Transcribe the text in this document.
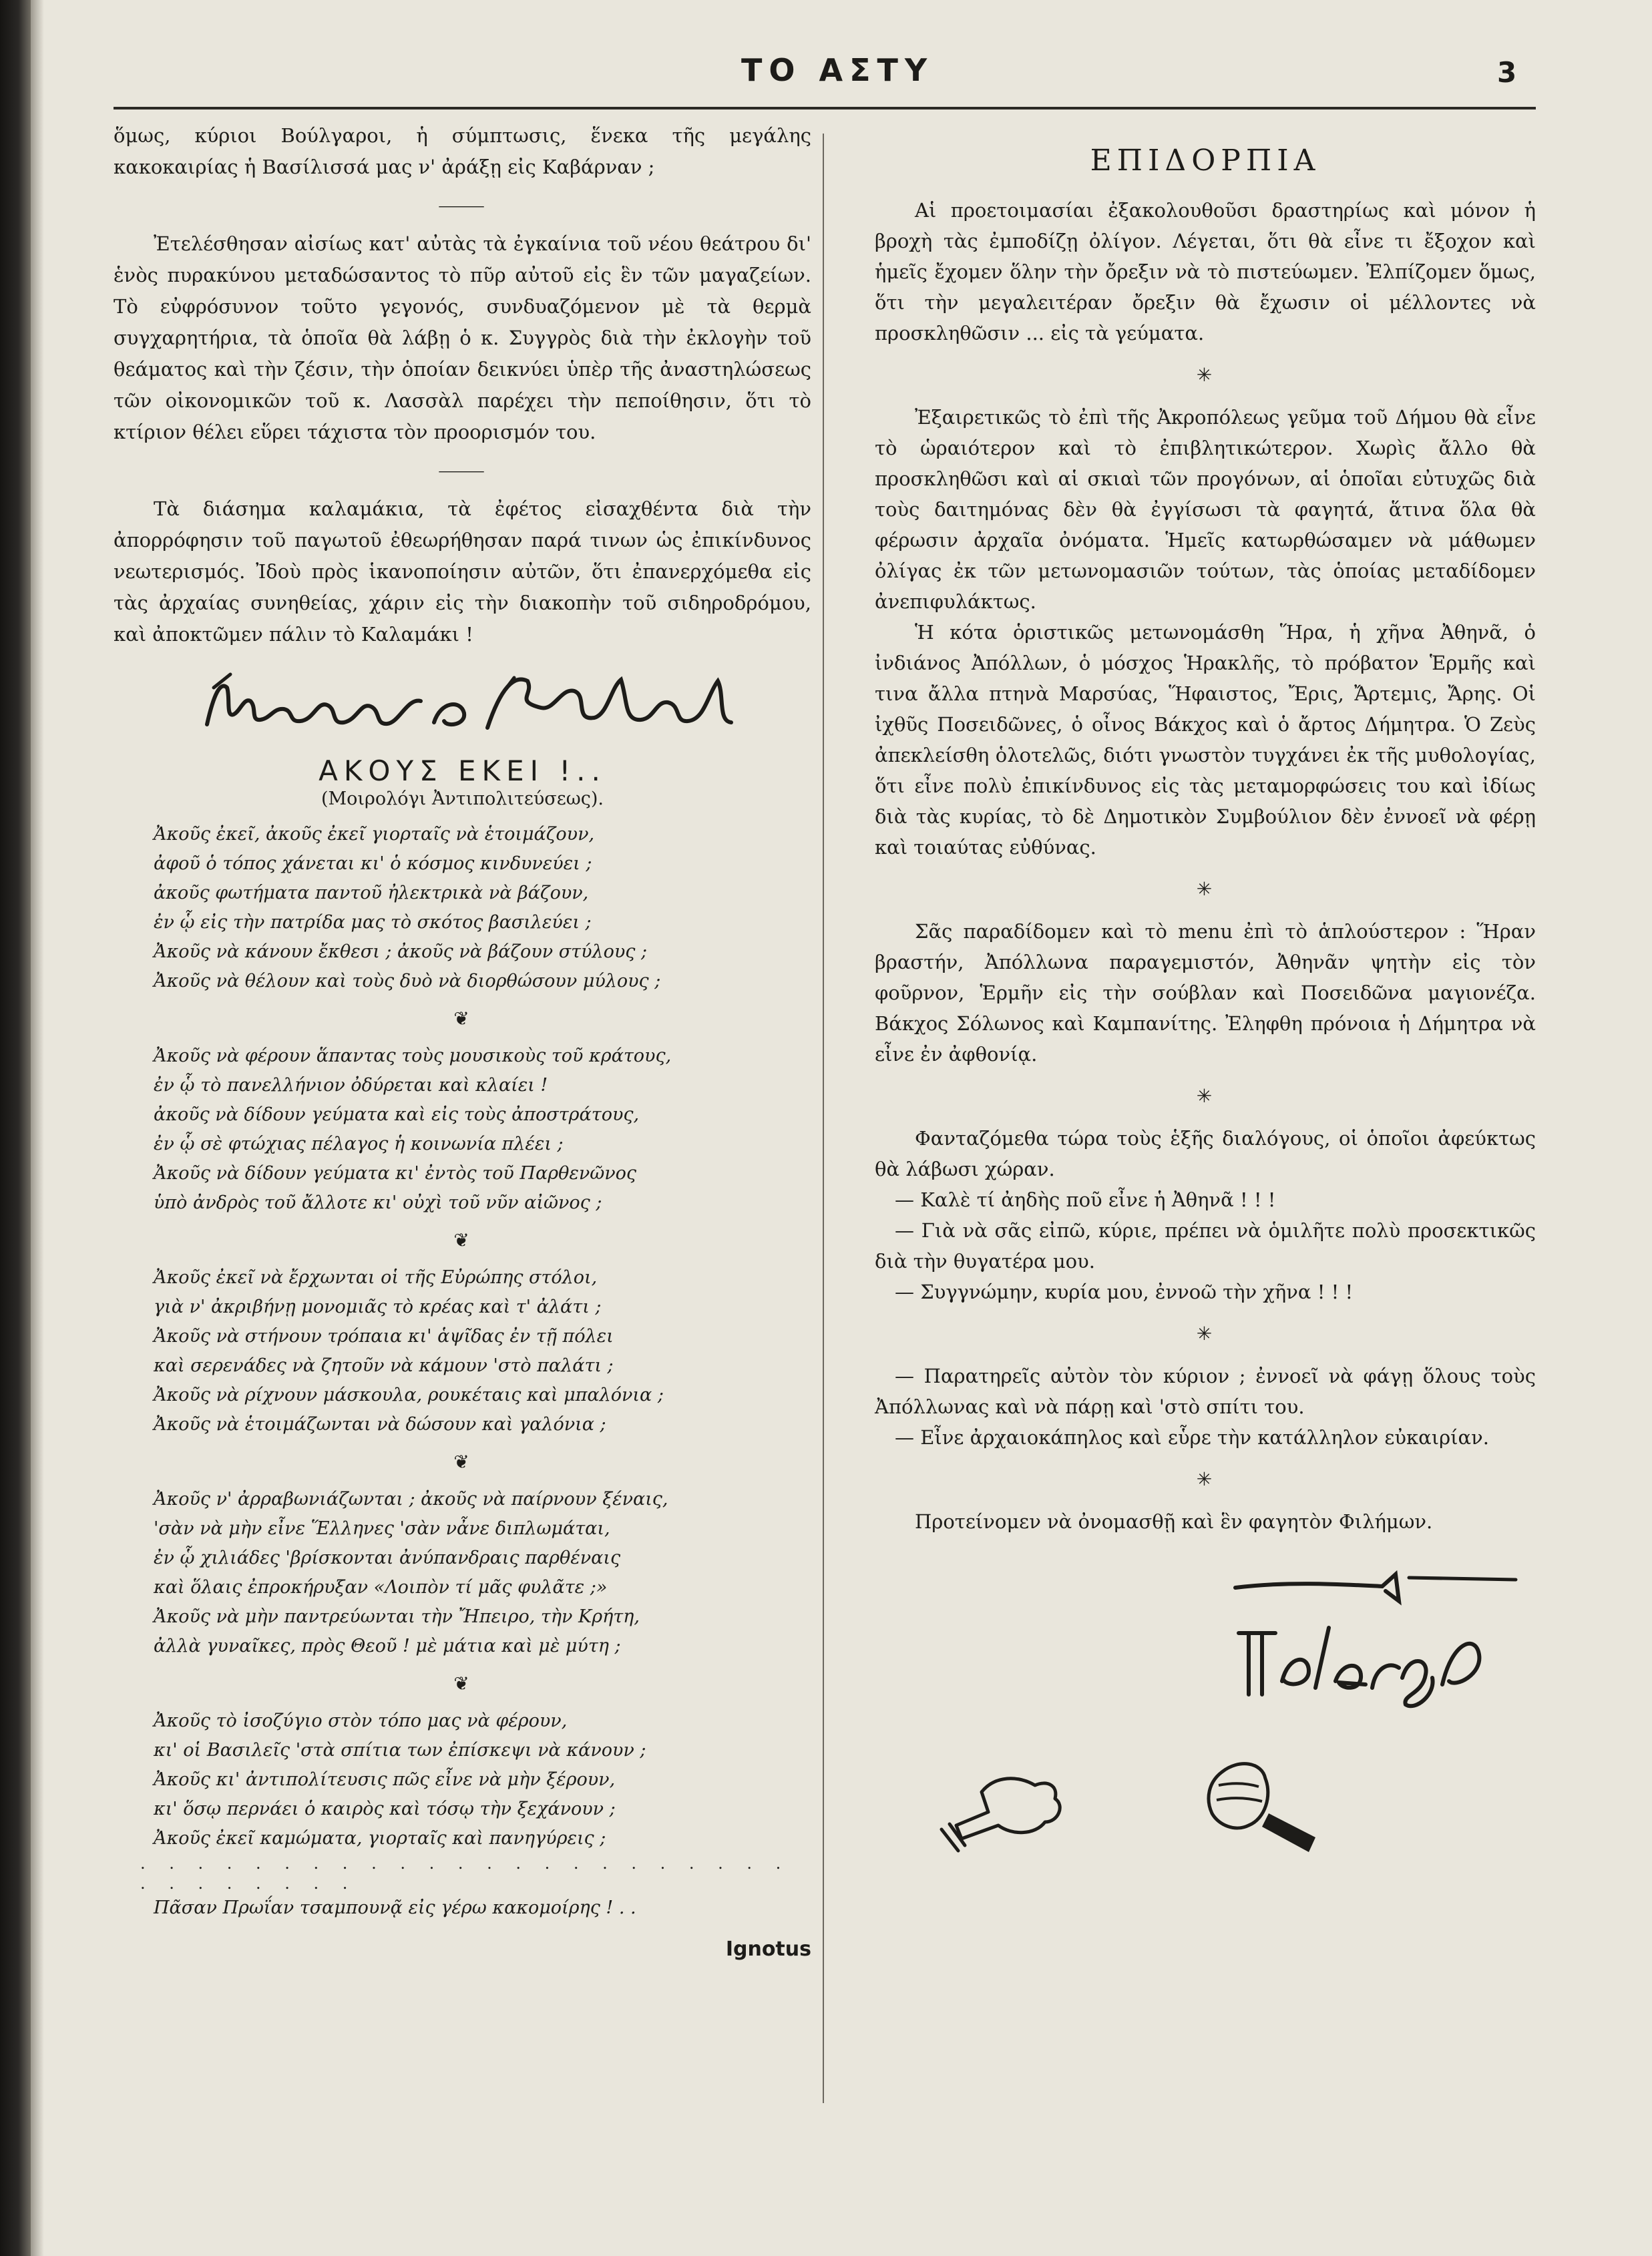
ΤΟ ΑΣΤΥ	3

ὅμως, κύριοι Βούλγαροι, ἡ σύμπτωσις, ἕνεκα τῆς μεγάλης κακοκαιρίας ἡ Βασίλισσά μας ν' ἀράξῃ εἰς Καβάρναν ;

⸻

Ἐτελέσθησαν αἰσίως κατ' αὐτὰς τὰ ἐγκαίνια τοῦ νέου θεάτρου δι' ἑνὸς πυρακύνου μεταδώσαντος τὸ πῦρ αὐτοῦ εἰς ἓν τῶν μαγαζείων. Τὸ εὐφρόσυνον τοῦτο γεγονός, συνδυαζόμενον μὲ τὰ θερμὰ συγχαρητήρια, τὰ ὁποῖα θὰ λάβῃ ὁ κ. Συγγρὸς διὰ τὴν ἐκλογὴν τοῦ θεάματος καὶ τὴν ζέσιν, τὴν ὁποίαν δεικνύει ὑπὲρ τῆς ἀναστηλώσεως τῶν οἰκονομικῶν τοῦ κ. Λασσὰλ παρέχει τὴν πεποίθησιν, ὅτι τὸ κτίριον θέλει εὕρει τάχιστα τὸν προορισμόν του.

⸻

Τὰ διάσημα καλαμάκια, τὰ ἐφέτος εἰσαχθέντα διὰ τὴν ἀπορρόφησιν τοῦ παγωτοῦ ἐθεωρήθησαν παρά τινων ὡς ἐπικίνδυνος νεωτερισμός. Ἰδοὺ πρὸς ἱκανοποίησιν αὐτῶν, ὅτι ἐπανερχόμεθα εἰς τὰς ἀρχαίας συνηθείας, χάριν εἰς τὴν διακοπὴν τοῦ σιδηροδρόμου, καὶ ἀποκτῶμεν πάλιν τὸ Καλαμάκι !

ΑΚΟΥΣ ΕΚΕΙ !..
(Μοιρολόγι Ἀντιπολιτεύσεως).

Ἀκοῦς ἐκεῖ, ἀκοῦς ἐκεῖ γιορταῖς νὰ ἑτοιμάζουν,

ἀφοῦ ὁ τόπος χάνεται κι' ὁ κόσμος κινδυνεύει ;

ἀκοῦς φωτήματα παντοῦ ἠλεκτρικὰ νὰ βάζουν,

ἐν ᾧ εἰς τὴν πατρίδα μας τὸ σκότος βασιλεύει ;

Ἀκοῦς νὰ κάνουν ἔκθεσι ; ἀκοῦς νὰ βάζουν στύλους ;

Ἀκοῦς νὰ θέλουν καὶ τοὺς δυὸ νὰ διορθώσουν μύλους ;

❦

Ἀκοῦς νὰ φέρουν ἅπαντας τοὺς μουσικοὺς τοῦ κράτους,

ἐν ᾧ τὸ πανελλήνιον ὀδύρεται καὶ κλαίει !

ἀκοῦς νὰ δίδουν γεύματα καὶ εἰς τοὺς ἀποστράτους,

ἐν ᾧ σὲ φτώχιας πέλαγος ἡ κοινωνία πλέει ;

Ἀκοῦς νὰ δίδουν γεύματα κι' ἐντὸς τοῦ Παρθενῶνος

ὑπὸ ἀνδρὸς τοῦ ἄλλοτε κι' οὐχὶ τοῦ νῦν αἰῶνος ;

❦

Ἀκοῦς ἐκεῖ νὰ ἔρχωνται οἱ τῆς Εὐρώπης στόλοι,

γιὰ ν' ἀκριβήνῃ μονομιᾶς τὸ κρέας καὶ τ' ἀλάτι ;

Ἀκοῦς νὰ στήνουν τρόπαια κι' ἁψῖδας ἐν τῇ πόλει

καὶ σερενάδες νὰ ζητοῦν νὰ κάμουν 'στὸ παλάτι ;

Ἀκοῦς νὰ ρίχνουν μάσκουλα, ρουκέταις καὶ μπαλόνια ;

Ἀκοῦς νὰ ἑτοιμάζωνται νὰ δώσουν καὶ γαλόνια ;

❦

Ἀκοῦς ν' ἀρραβωνιάζωνται ; ἀκοῦς νὰ παίρνουν ξέναις,

'σὰν νὰ μὴν εἶνε Ἕλληνες 'σὰν νἆνε διπλωμάται,

ἐν ᾧ χιλιάδες 'βρίσκονται ἀνύπανδραις παρθέναις

καὶ ὅλαις ἐπροκήρυξαν «Λοιπὸν τί μᾶς φυλᾶτε ;»

Ἀκοῦς νὰ μὴν παντρεύωνται τὴν Ἤπειρο, τὴν Κρήτη,

ἀλλὰ γυναῖκες, πρὸς Θεοῦ ! μὲ μάτια καὶ μὲ μύτη ;

❦

Ἀκοῦς τὸ ἰσοζύγιο στὸν τόπο μας νὰ φέρουν,

κι' οἱ Βασιλεῖς 'στὰ σπίτια των ἐπίσκεψι νὰ κάνουν ;

Ἀκοῦς κι' ἀντιπολίτευσις πῶς εἶνε νὰ μὴν ξέρουν,

κι' ὅσῳ περνάει ὁ καιρὸς καὶ τόσῳ τὴν ξεχάνουν ;

Ἀκοῦς ἐκεῖ καμώματα, γιορταῖς καὶ πανηγύρεις ;

. . . . . . . . . . . . . . . . . . . . . . . . . . . . . . .

Πᾶσαν Πρωΐαν τσαμπουνᾷ εἰς γέρω κακομοίρης ! . .

Ignotus
ΕΠΙΔΟΡΠΙΑ

Αἱ προετοιμασίαι ἐξακολουθοῦσι δραστηρίως καὶ μόνον ἡ βροχὴ τὰς ἐμποδίζῃ ὀλίγον. Λέγεται, ὅτι θὰ εἶνε τι ἔξοχον καὶ ἡμεῖς ἔχομεν ὅλην τὴν ὄρεξιν νὰ τὸ πιστεύωμεν. Ἐλπίζομεν ὅμως, ὅτι τὴν μεγαλειτέραν ὄρεξιν θὰ ἔχωσιν οἱ μέλλοντες νὰ προσκληθῶσιν ... εἰς τὰ γεύματα.

✳

Ἐξαιρετικῶς τὸ ἐπὶ τῆς Ἀκροπόλεως γεῦμα τοῦ Δήμου θὰ εἶνε τὸ ὡραιότερον καὶ τὸ ἐπιβλητικώτερον. Χωρὶς ἄλλο θὰ προσκληθῶσι καὶ αἱ σκιαὶ τῶν προγόνων, αἱ ὁποῖαι εὐτυχῶς διὰ τοὺς δαιτημόνας δὲν θὰ ἐγγίσωσι τὰ φαγητά, ἅτινα ὅλα θὰ φέρωσιν ἀρχαῖα ὀνόματα. Ἡμεῖς κατωρθώσαμεν νὰ μάθωμεν ὀλίγας ἐκ τῶν μετωνομασιῶν τούτων, τὰς ὁποίας μεταδίδομεν ἀνεπιφυλάκτως.

Ἡ κότα ὁριστικῶς μετωνομάσθη Ἥρα, ἡ χῆνα Ἀθηνᾶ, ὁ ἰνδιάνος Ἀπόλλων, ὁ μόσχος Ἡρακλῆς, τὸ πρόβατον Ἑρμῆς καὶ τινα ἄλλα πτηνὰ Μαρσύας, Ἥφαιστος, Ἔρις, Ἄρτεμις, Ἄρης. Οἱ ἰχθῦς Ποσειδῶνες, ὁ οἶνος Βάκχος καὶ ὁ ἄρτος Δήμητρα. Ὁ Ζεὺς ἀπεκλείσθη ὁλοτελῶς, διότι γνωστὸν τυγχάνει ἐκ τῆς μυθολογίας, ὅτι εἶνε πολὺ ἐπικίνδυνος εἰς τὰς μεταμορφώσεις του καὶ ἰδίως διὰ τὰς κυρίας, τὸ δὲ Δημοτικὸν Συμβούλιον δὲν ἐννοεῖ νὰ φέρῃ καὶ τοιαύτας εὐθύνας.

✳

Σᾶς παραδίδομεν καὶ τὸ menu ἐπὶ τὸ ἁπλούστερον : Ἥραν βραστήν, Ἀπόλλωνα παραγεμιστόν, Ἀθηνᾶν ψητὴν εἰς τὸν φοῦρνον, Ἑρμῆν εἰς τὴν σούβλαν καὶ Ποσειδῶνα μαγιονέζα. Βάκχος Σόλωνος καὶ Καμπανίτης. Ἐληφθη πρόνοια ἡ Δήμητρα νὰ εἶνε ἐν ἀφθονίᾳ.

✳

Φανταζόμεθα τώρα τοὺς ἑξῆς διαλόγους, οἱ ὁποῖοι ἀφεύκτως θὰ λάβωσι χώραν.

— Καλὲ τί ἀηδὴς ποῦ εἶνε ἡ Ἀθηνᾶ ! ! !

— Γιὰ νὰ σᾶς εἰπῶ, κύριε, πρέπει νὰ ὁμιλῆτε πολὺ προσεκτικῶς διὰ τὴν θυγατέρα μου.

— Συγγνώμην, κυρία μου, ἐννοῶ τὴν χῆνα ! ! !

✳

— Παρατηρεῖς αὐτὸν τὸν κύριον ; ἐννοεῖ νὰ φάγῃ ὅλους τοὺς Ἀπόλλωνας καὶ νὰ πάρῃ καὶ 'στὸ σπίτι του.

— Εἶνε ἀρχαιοκάπηλος καὶ εὗρε τὴν κατάλληλον εὐκαιρίαν.

✳

Προτείνομεν νὰ ὀνομασθῇ καὶ ἓν φαγητὸν Φιλήμων.
